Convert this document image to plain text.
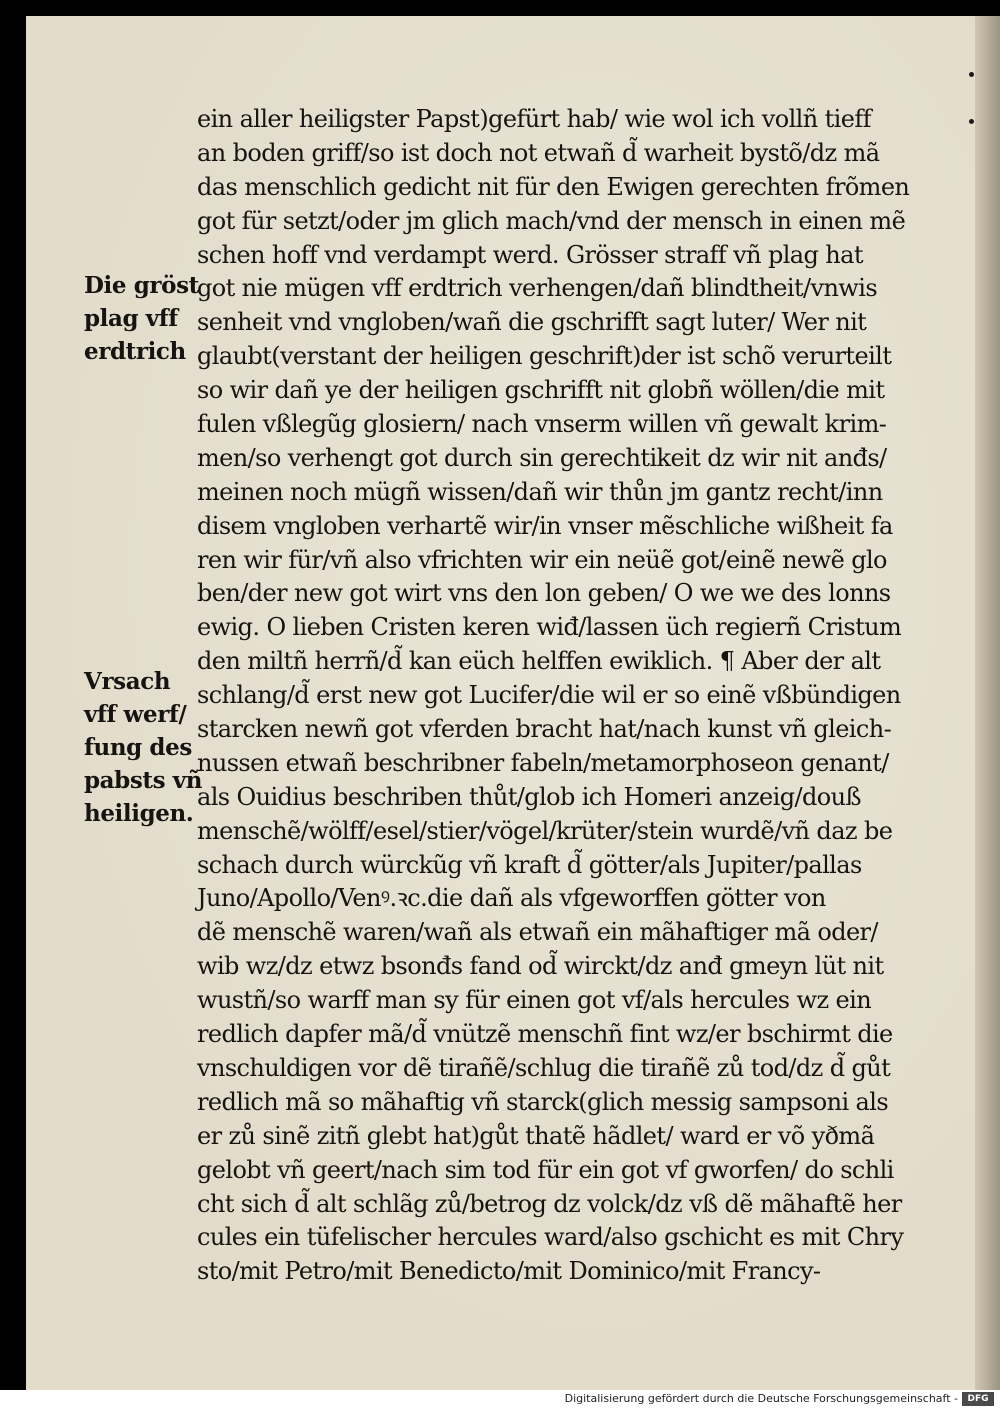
ein aller heiligster Papst)gefürt hab/ wie wol ich vollñ tieff
an boden griff/so ist doch not etwañ d̃ warheit bystõ/dz mã
das menschlich gedicht nit für den Ewigen gerechten frõmen
got für setzt/oder jm glich mach/vnd der mensch in einen mẽ
schen hoff vnd verdampt werd. Grösser straff vñ plag hat
got nie mügen vff erdtrich verhengen/dañ blindtheit/vnwis
senheit vnd vngloben/wañ die gschrifft sagt luter/ Wer nit
glaubt(verstant der heiligen geschrift)der ist schõ verurteilt
so wir dañ ye der heiligen gschrifft nit globñ wöllen/die mit
fulen vßlegũg glosiern/ nach vnserm willen vñ gewalt krim-
men/so verhengt got durch sin gerechtikeit dz wir nit anđs/
meinen noch mügñ wissen/dañ wir thůn jm gantz recht/inn
disem vngloben verhartẽ wir/in vnser mẽschliche wißheit fa
ren wir für/vñ also vfrichten wir ein neüẽ got/einẽ newẽ glo
ben/der new got wirt vns den lon geben/ O we we des lonns
ewig. O lieben Cristen keren wiđ/lassen üch regierñ Cristum
den miltñ herrñ/d̃ kan eüch helffen ewiklich. ¶ Aber der alt
schlang/d̃ erst new got Lucifer/die wil er so einẽ vßbündigen
starcken newñ got vferden bracht hat/nach kunst vñ gleich-
nussen etwañ beschribner fabeln/metamorphoseon genant/
als Ouidius beschriben thůt/glob ich Homeri anzeig/douß
menschẽ/wölff/esel/stier/vögel/krüter/stein wurdẽ/vñ daz be
schach durch würckũg vñ kraft d̃ götter/als Jupiter/pallas
Juno/Apollo/Venꝰ.ꝛc.die dañ als vfgeworffen götter von
dẽ menschẽ waren/wañ als etwañ ein mãhaftiger mã oder/
wib wz/dz etwz bsonđs fand od̃ wirckt/dz anđ gmeyn lüt nit
wustñ/so warff man sy für einen got vf/als hercules wz ein
redlich dapfer mã/d̃ vnützẽ menschñ fint wz/er bschirmt die
vnschuldigen vor dẽ tirañẽ/schlug die tirañẽ zů tod/dz d̃ gůt
redlich mã so mãhaftig vñ starck(glich messig sampsoni als
er zů sinẽ zitñ glebt hat)gůt thatẽ hãdlet/ ward er võ yðmã
gelobt vñ geert/nach sim tod für ein got vf gworfen/ do schli
cht sich d̃ alt schlãg zů/betrog dz volck/dz vß dẽ mãhaftẽ her
cules ein tüfelischer hercules ward/also gschicht es mit Chry
sto/mit Petro/mit Benedicto/mit Dominico/mit Francy-
Die gröst
plag vff
erdtrich
Vrsach
vff werf/
fung des
pabsts vñ
heiligen.
Digitalisierung gefördert durch die Deutsche Forschungsgemeinschaft -	DFG
